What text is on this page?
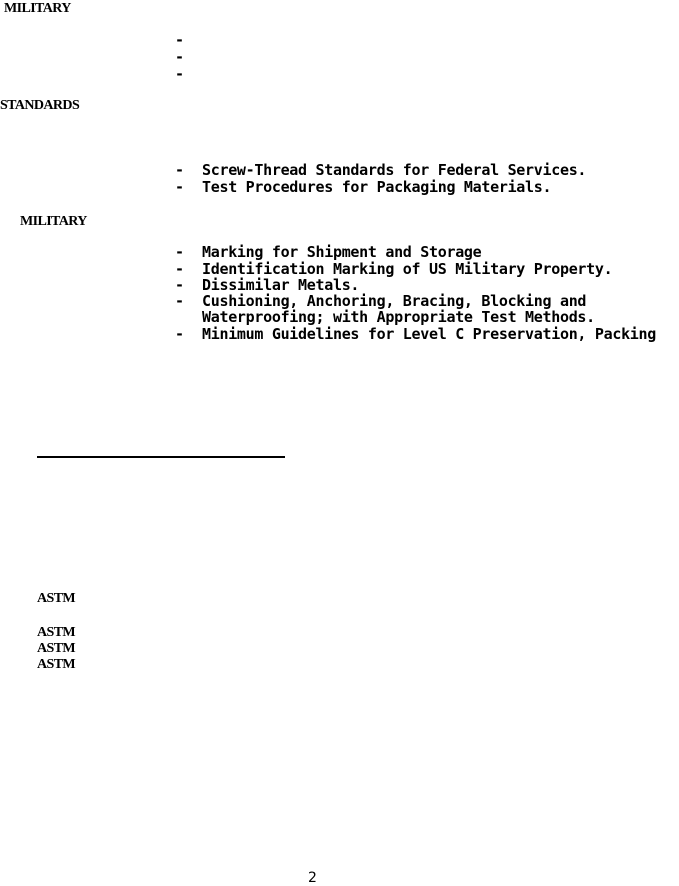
MILITARY
-
-
-
STANDARDS
- Screw-Thread Standards for Federal Services.
- Test Procedures for Packaging Materials.
MILITARY
- Marking for Shipment and Storage
- Identification Marking of US Military Property.
- Dissimilar Metals.
- Cushioning, Anchoring, Bracing, Blocking and
Waterproofing; with Appropriate Test Methods.
- Minimum Guidelines for Level C Preservation, Packing
ASTM
ASTM
ASTM
ASTM
2
